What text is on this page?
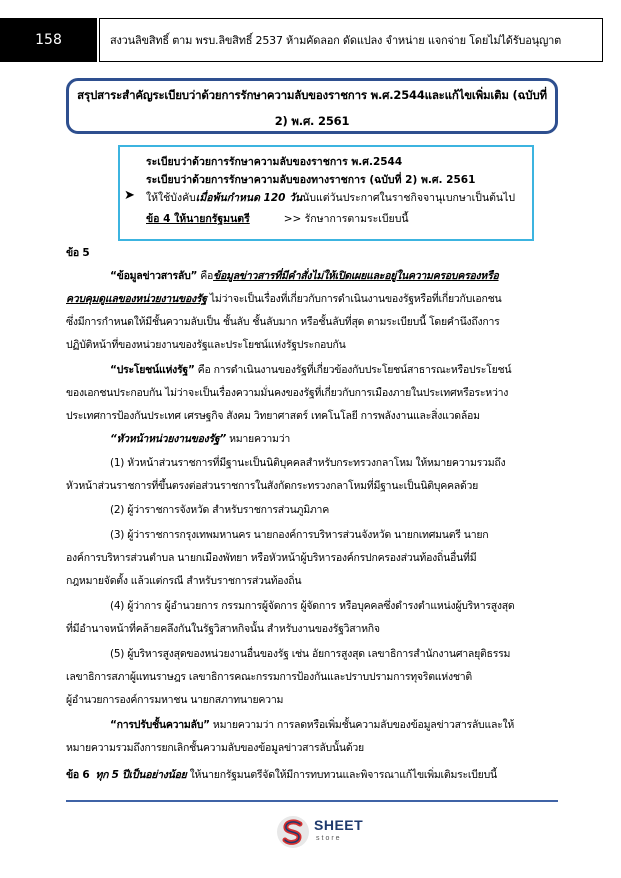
158	สงวนลิขสิทธิ์ ตาม พรบ.ลิขสิทธิ์ 2537 ห้ามคัดลอก ดัดแปลง จำหน่าย แจกจ่าย โดยไม่ได้รับอนุญาต
สรุปสาระสำคัญระเบียบว่าด้วยการรักษาความลับของราชการ พ.ศ.2544และแก้ไขเพิ่มเติม (ฉบับที่
2) พ.ศ. 2561
ระเบียบว่าด้วยการรักษาความลับของราชการ พ.ศ.2544
ระเบียบว่าด้วยการรักษาความลับของทางราชการ (ฉบับที่ 2) พ.ศ. 2561
➤ ให้ใช้บังคับเมื่อพ้นกำหนด 120 วันนับแต่วันประกาศในราชกิจจานุเบกษาเป็นต้นไป
ข้อ 4 ให้นายกรัฐมนตรี	>> รักษาการตามระเบียบนี้
ข้อ 5
“ข้อมูลข่าวสารลับ” คือข้อมูลข่าวสารที่มีคำสั่งไม่ให้เปิดเผยและอยู่ในความครอบครองหรือ
ควบคุมดูแลของหน่วยงานของรัฐ ไม่ว่าจะเป็นเรื่องที่เกี่ยวกับการดำเนินงานของรัฐหรือที่เกี่ยวกับเอกชน
ซึ่งมีการกำหนดให้มีชั้นความลับเป็น ชั้นลับ ชั้นลับมาก หรือชั้นลับที่สุด ตามระเบียบนี้ โดยคำนึงถึงการ
ปฏิบัติหน้าที่ของหน่วยงานของรัฐและประโยชน์แห่งรัฐประกอบกัน
“ประโยชน์แห่งรัฐ” คือ การดำเนินงานของรัฐที่เกี่ยวข้องกับประโยชน์สาธารณะหรือประโยชน์
ของเอกชนประกอบกัน ไม่ว่าจะเป็นเรื่องความมั่นคงของรัฐที่เกี่ยวกับการเมืองภายในประเทศหรือระหว่าง
ประเทศการป้องกันประเทศ เศรษฐกิจ สังคม วิทยาศาสตร์ เทคโนโลยี การพลังงานและสิ่งแวดล้อม
“หัวหน้าหน่วยงานของรัฐ” หมายความว่า
(1) หัวหน้าส่วนราชการที่มีฐานะเป็นนิติบุคคลสำหรับกระทรวงกลาโหม ให้หมายความรวมถึง
หัวหน้าส่วนราชการที่ขึ้นตรงต่อส่วนราชการในสังกัดกระทรวงกลาโหมที่มีฐานะเป็นนิติบุคคลด้วย
(2) ผู้ว่าราชการจังหวัด สำหรับราชการส่วนภูมิภาค
(3) ผู้ว่าราชการกรุงเทพมหานคร นายกองค์การบริหารส่วนจังหวัด นายกเทศมนตรี นายก
องค์การบริหารส่วนตำบล นายกเมืองพัทยา หรือหัวหน้าผู้บริหารองค์กรปกครองส่วนท้องถิ่นอื่นที่มี
กฎหมายจัดตั้ง แล้วแต่กรณี สำหรับราชการส่วนท้องถิ่น
(4) ผู้ว่าการ ผู้อำนวยการ กรรมการผู้จัดการ ผู้จัดการ หรือบุคคลซึ่งดำรงตำแหน่งผู้บริหารสูงสุด
ที่มีอำนาจหน้าที่คล้ายคลึงกันในรัฐวิสาหกิจนั้น สำหรับงานของรัฐวิสาหกิจ
(5) ผู้บริหารสูงสุดของหน่วยงานอื่นของรัฐ เช่น อัยการสูงสุด เลขาธิการสำนักงานศาลยุติธรรม
เลขาธิการสภาผู้แทนราษฎร เลขาธิการคณะกรรมการป้องกันและปราบปรามการทุจริตแห่งชาติ
ผู้อำนวยการองค์การมหาชน นายกสภาทนายความ
“การปรับชั้นความลับ” หมายความว่า การลดหรือเพิ่มชั้นความลับของข้อมูลข่าวสารลับและให้
หมายความรวมถึงการยกเลิกชั้นความลับของข้อมูลข่าวสารลับนั้นด้วย
ข้อ 6 ทุก 5 ปีเป็นอย่างน้อย ให้นายกรัฐมนตรีจัดให้มีการทบทวนและพิจารณาแก้ไขเพิ่มเติมระเบียบนี้
SHEET
store
